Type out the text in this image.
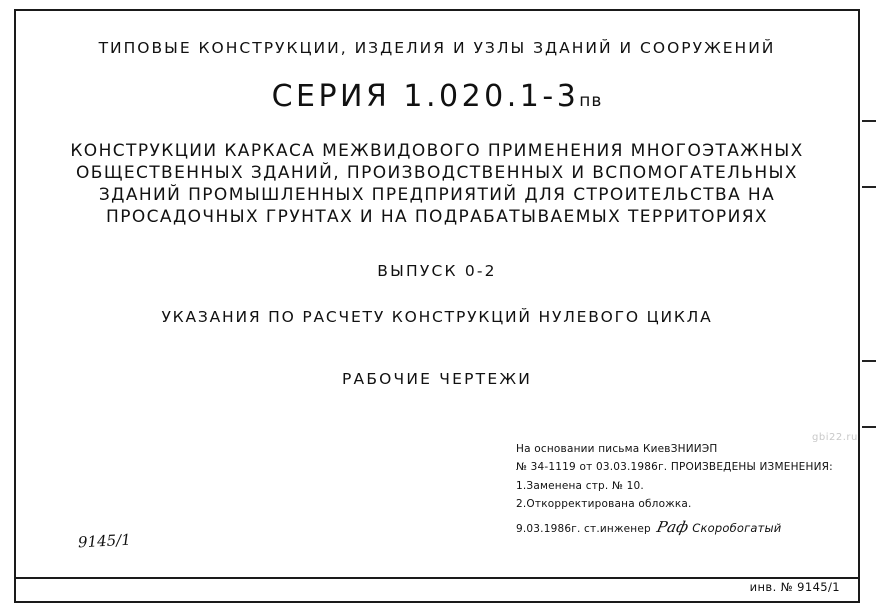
ТИПОВЫЕ КОНСТРУКЦИИ, ИЗДЕЛИЯ И УЗЛЫ ЗДАНИЙ И СООРУЖЕНИЙ
СЕРИЯ 1.020.1-3пв
КОНСТРУКЦИИ КАРКАСА МЕЖВИДОВОГО ПРИМЕНЕНИЯ МНОГОЭТАЖНЫХ
ОБЩЕСТВЕННЫХ ЗДАНИЙ, ПРОИЗВОДСТВЕННЫХ И ВСПОМОГАТЕЛЬНЫХ
ЗДАНИЙ ПРОМЫШЛЕННЫХ ПРЕДПРИЯТИЙ ДЛЯ СТРОИТЕЛЬСТВА НА
ПРОСАДОЧНЫХ ГРУНТАХ И НА ПОДРАБАТЫВАЕМЫХ ТЕРРИТОРИЯХ
ВЫПУСК 0-2
УКАЗАНИЯ ПО РАСЧЕТУ КОНСТРУКЦИЙ НУЛЕВОГО ЦИКЛА
РАБОЧИЕ ЧЕРТЕЖИ
gbi22.ru
На основании письма КиевЗНИИЭП
№ 34-1119 от 03.03.1986г. ПРОИЗВЕДЕНЫ ИЗМЕНЕНИЯ:
1.Заменена стр. № 10.
2.Откорректирована обложка.
9.03.1986г. ст.инженер Раф Скоробогатый
9145/1
инв. № 9145/1
